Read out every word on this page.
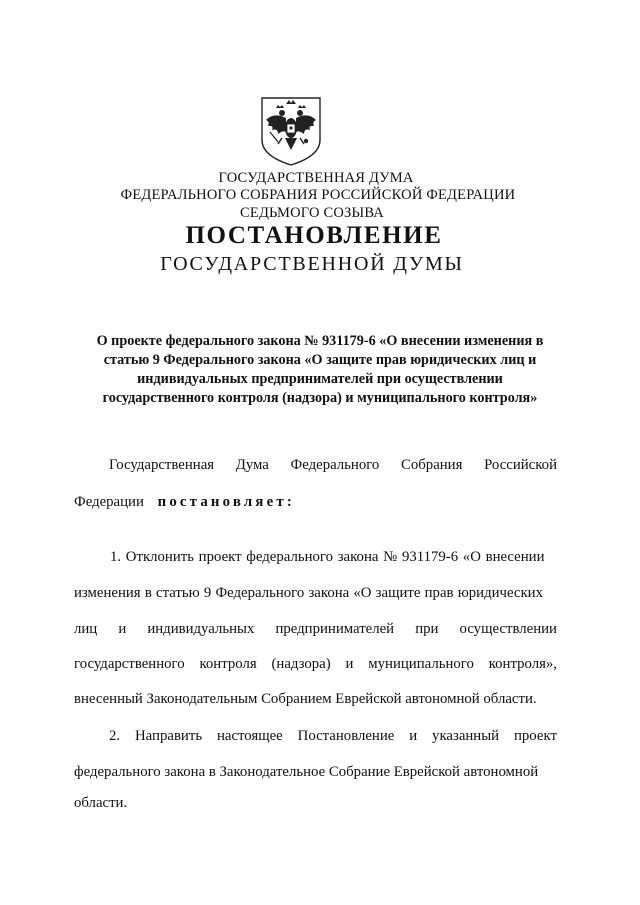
ГОСУДАРСТВЕННАЯ ДУМА
ФЕДЕРАЛЬНОГО СОБРАНИЯ РОССИЙСКОЙ ФЕДЕРАЦИИ
СЕДЬМОГО СОЗЫВА
ПОСТАНОВЛЕНИЕ
ГОСУДАРСТВЕННОЙ ДУМЫ
О проекте федерального закона № 931179-6 «О внесении изменения в
статью 9 Федерального закона «О защите прав юридических лиц и
индивидуальных предпринимателей при осуществлении
государственного контроля (надзора) и муниципального контроля»
Государственная Дума Федерального Собрания Российской
Федерации постановляет:
1. Отклонить проект федерального закона № 931179-6 «О внесении
изменения в статью 9 Федерального закона «О защите прав юридических
лиц и индивидуальных предпринимателей при осуществлении
государственного контроля (надзора) и муниципального контроля»,
внесенный Законодательным Собранием Еврейской автономной области.
2. Направить настоящее Постановление и указанный проект
федерального закона в Законодательное Собрание Еврейской автономной
области.
